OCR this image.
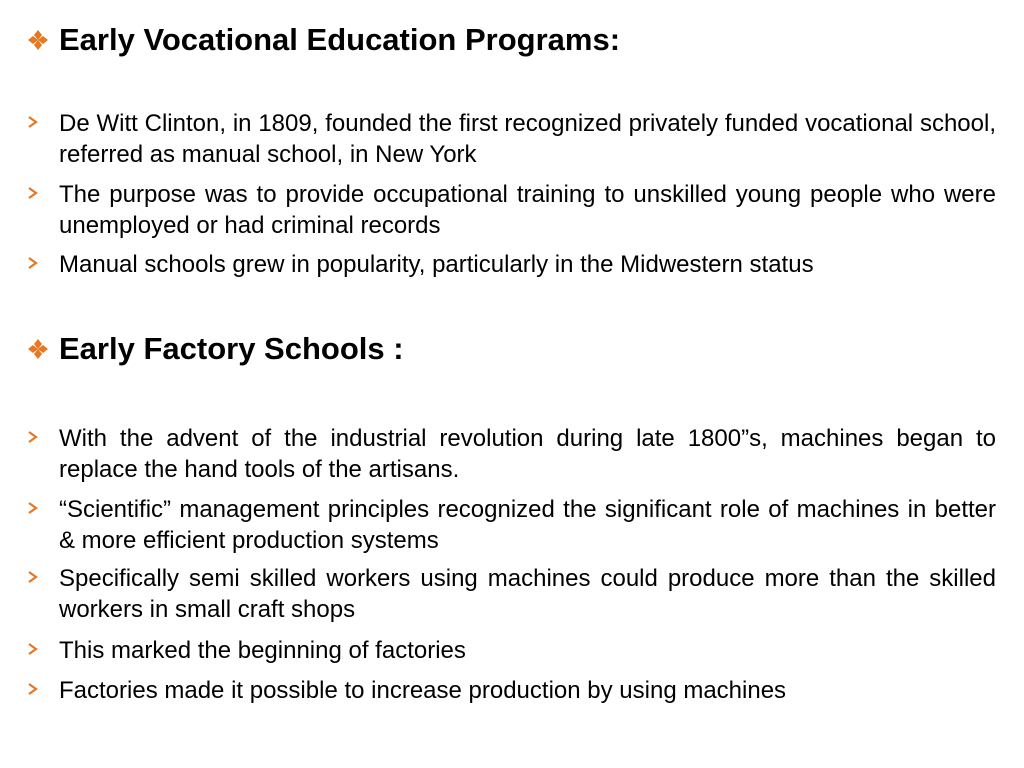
Early Vocational Education Programs:
De Witt Clinton, in 1809, founded the first recognized privately funded vocational school, referred as manual school, in New York
The purpose was to provide occupational training to unskilled young people who were unemployed or had criminal records
Manual schools grew in popularity, particularly in the Midwestern status
Early Factory Schools :
With the advent of the industrial revolution during late 1800”s, machines began to replace the hand tools of the artisans.
“Scientific” management principles recognized the significant role of machines in better & more efficient production systems
Specifically semi skilled workers using machines could produce more than the skilled workers in small craft shops
This marked the beginning of factories
Factories made it possible to increase production by using machines
